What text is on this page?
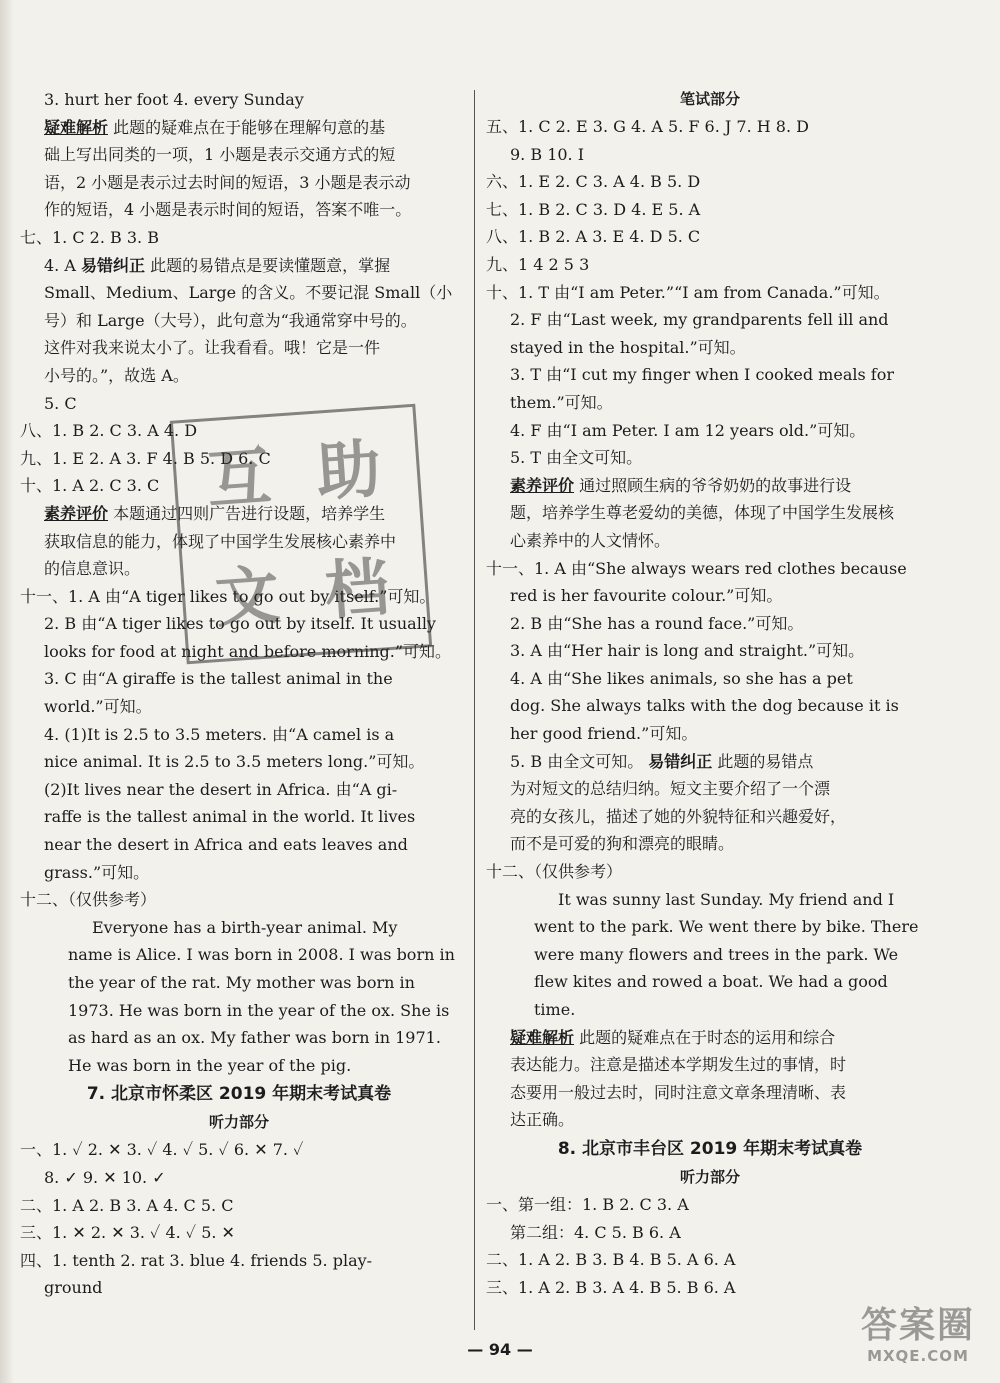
3. hurt her foot 4. every Sunday
疑难解析 此题的疑难点在于能够在理解句意的基
础上写出同类的一项，1 小题是表示交通方式的短
语，2 小题是表示过去时间的短语，3 小题是表示动
作的短语，4 小题是表示时间的短语，答案不唯一。
七、1. C 2. B 3. B
4. A 易错纠正 此题的易错点是要读懂题意，掌握
Small、Medium、Large 的含义。不要记混 Small（小
号）和 Large（大号），此句意为“我通常穿中号的。
这件对我来说太小了。让我看看。哦！它是一件
小号的。”，故选 A。
5. C
八、1. B 2. C 3. A 4. D
九、1. E 2. A 3. F 4. B 5. D 6. C
十、1. A 2. C 3. C
素养评价 本题通过四则广告进行设题，培养学生
获取信息的能力，体现了中国学生发展核心素养中
的信息意识。
十一、1. A 由“A tiger likes to go out by itself.”可知。
2. B 由“A tiger likes to go out by itself. It usually
looks for food at night and before morning.”可知。
3. C 由“A giraffe is the tallest animal in the
world.”可知。
4. (1)It is 2.5 to 3.5 meters. 由“A camel is a
nice animal. It is 2.5 to 3.5 meters long.”可知。
(2)It lives near the desert in Africa. 由“A gi-
raffe is the tallest animal in the world. It lives
near the desert in Africa and eats leaves and
grass.”可知。
十二、（仅供参考）
Everyone has a birth-year animal. My
name is Alice. I was born in 2008. I was born in
the year of the rat. My mother was born in
1973. He was born in the year of the ox. She is
as hard as an ox. My father was born in 1971.
He was born in the year of the pig.
7. 北京市怀柔区 2019 年期末考试真卷
听力部分
一、1. ✓ 2. ✕ 3. ✓ 4. ✓ 5. ✓ 6. ✕ 7. ✓
8. ✓ 9. ✕ 10. ✓
二、1. A 2. B 3. A 4. C 5. C
三、1. ✕ 2. ✕ 3. ✓ 4. ✓ 5. ✕
四、1. tenth 2. rat 3. blue 4. friends 5. play-
ground
笔试部分
五、1. C 2. E 3. G 4. A 5. F 6. J 7. H 8. D
9. B 10. I
六、1. E 2. C 3. A 4. B 5. D
七、1. B 2. C 3. D 4. E 5. A
八、1. B 2. A 3. E 4. D 5. C
九、1 4 2 5 3
十、1. T 由“I am Peter.”“I am from Canada.”可知。
2. F 由“Last week, my grandparents fell ill and
stayed in the hospital.”可知。
3. T 由“I cut my finger when I cooked meals for
them.”可知。
4. F 由“I am Peter. I am 12 years old.”可知。
5. T 由全文可知。
素养评价 通过照顾生病的爷爷奶奶的故事进行设
题，培养学生尊老爱幼的美德，体现了中国学生发展核
心素养中的人文情怀。
十一、1. A 由“She always wears red clothes because
red is her favourite colour.”可知。
2. B 由“She has a round face.”可知。
3. A 由“Her hair is long and straight.”可知。
4. A 由“She likes animals, so she has a pet
dog. She always talks with the dog because it is
her good friend.”可知。
5. B 由全文可知。 易错纠正 此题的易错点
为对短文的总结归纳。短文主要介绍了一个漂
亮的女孩儿，描述了她的外貌特征和兴趣爱好，
而不是可爱的狗和漂亮的眼睛。
十二、（仅供参考）
It was sunny last Sunday. My friend and I
went to the park. We went there by bike. There
were many flowers and trees in the park. We
flew kites and rowed a boat. We had a good
time.
疑难解析 此题的疑难点在于时态的运用和综合
表达能力。注意是描述本学期发生过的事情，时
态要用一般过去时，同时注意文章条理清晰、表
达正确。
8. 北京市丰台区 2019 年期末考试真卷
听力部分
一、第一组：1. B 2. C 3. A
第二组：4. C 5. B 6. A
二、1. A 2. B 3. B 4. B 5. A 6. A
三、1. A 2. B 3. A 4. B 5. B 6. A
互 助
文 档
— 94 —
答案圈
MXQE.COM
